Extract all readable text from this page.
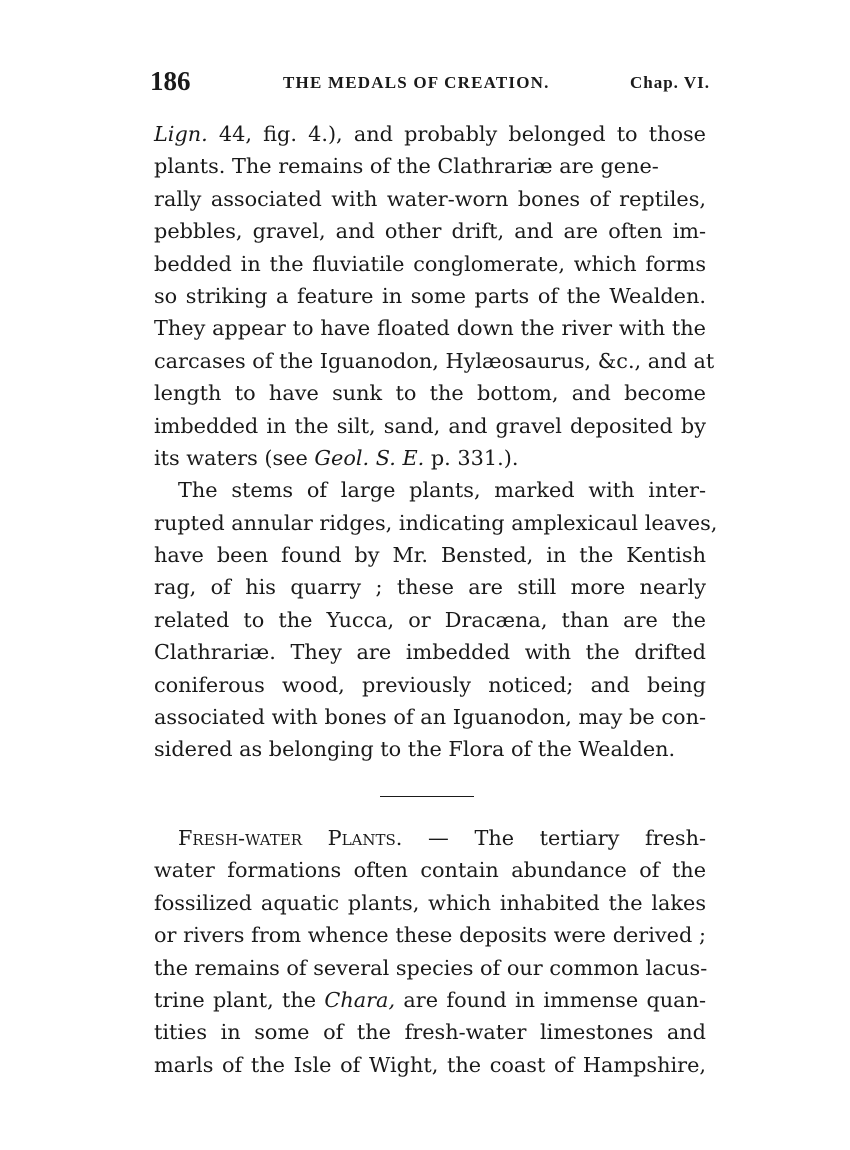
186	THE MEDALS OF CREATION.	Chap. VI.
Lign. 44, fig. 4.), and probably belonged to those
plants. The remains of the Clathrariæ are gene-
rally associated with water-worn bones of reptiles,
pebbles, gravel, and other drift, and are often im-
bedded in the fluviatile conglomerate, which forms
so striking a feature in some parts of the Wealden.
They appear to have floated down the river with the
carcases of the Iguanodon, Hylæosaurus, &c., and at
length to have sunk to the bottom, and become
imbedded in the silt, sand, and gravel deposited by
its waters (see Geol. S. E. p. 331.).
The stems of large plants, marked with inter-
rupted annular ridges, indicating amplexicaul leaves,
have been found by Mr. Bensted, in the Kentish
rag, of his quarry ; these are still more nearly
related to the Yucca, or Dracæna, than are the
Clathrariæ. They are imbedded with the drifted
coniferous wood, previously noticed; and being
associated with bones of an Iguanodon, may be con-
sidered as belonging to the Flora of the Wealden.
Fresh-water Plants. — The tertiary fresh-
water formations often contain abundance of the
fossilized aquatic plants, which inhabited the lakes
or rivers from whence these deposits were derived ;
the remains of several species of our common lacus-
trine plant, the Chara, are found in immense quan-
tities in some of the fresh-water limestones and
marls of the Isle of Wight, the coast of Hampshire,
